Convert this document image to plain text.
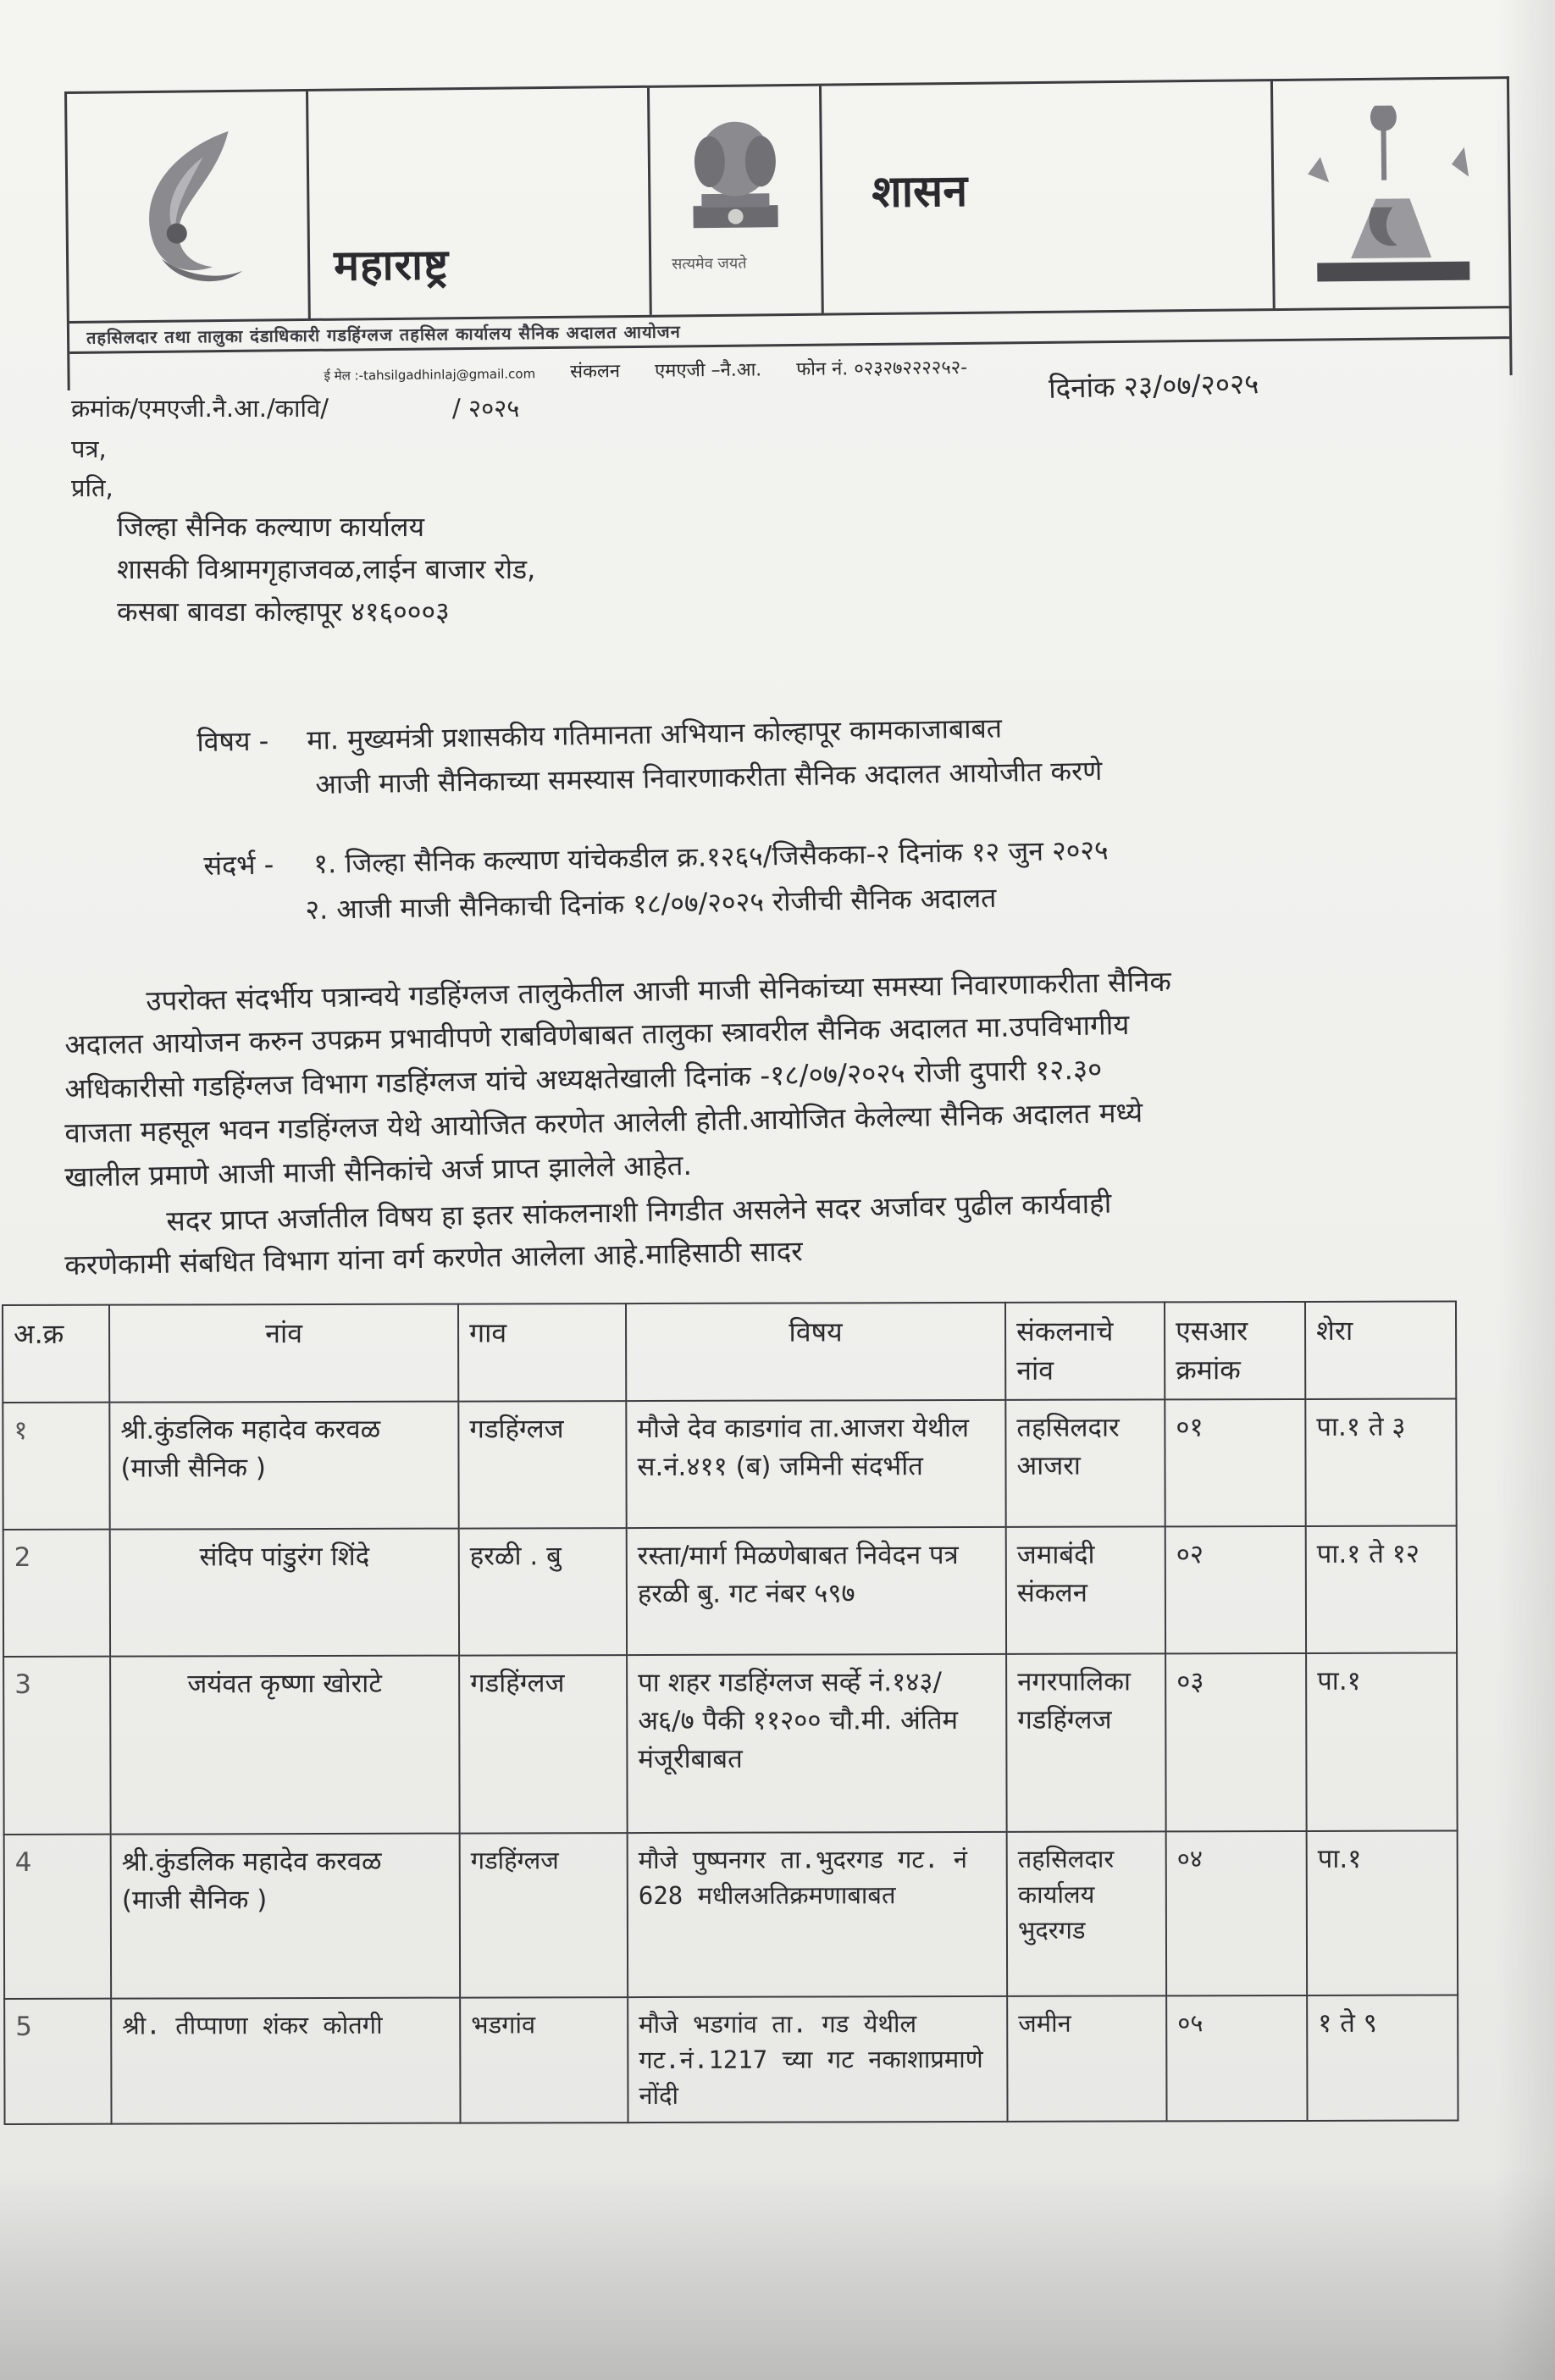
महाराष्ट्र	सत्यमेव जयते
शासन
तहसिलदार तथा तालुका दंडाधिकारी गडहिंग्लज तहसिल कार्यालय सैनिक अदालत आयोजन
ई मेल :-tahsilgadhinlaj@gmail.com संकलन एमएजी –नै.आ. फोन नं. ०२३२७२२२२५२-
क्रमांक/एमएजी.नै.आ./कावि/	/ २०२५
दिनांक २३/०७/२०२५
पत्र,
प्रति,
जिल्हा सैनिक कल्याण कार्यालय
शासकी विश्रामगृहाजवळ,लाईन बाजार रोड,
कसबा बावडा कोल्हापूर ४१६०००३
विषय - मा. मुख्यमंत्री प्रशासकीय गतिमानता अभियान कोल्हापूर कामकाजाबाबत
आजी माजी सैनिकाच्या समस्यास निवारणाकरीता सैनिक अदालत आयोजीत करणे
संदर्भ - १. जिल्हा सैनिक कल्याण यांचेकडील क्र.१२६५/जिसैकका-२ दिनांक १२ जुन २०२५
२. आजी माजी सैनिकाची दिनांक १८/०७/२०२५ रोजीची सैनिक अदालत
उपरोक्त संदर्भीय पत्रान्वये गडहिंग्लज तालुकेतील आजी माजी सेनिकांच्या समस्या निवारणाकरीता सैनिक
अदालत आयोजन करुन उपक्रम प्रभावीपणे राबविणेबाबत तालुका स्त्रावरील सैनिक अदालत मा.उपविभागीय
अधिकारीसो गडहिंग्लज विभाग गडहिंग्लज यांचे अध्यक्षतेखाली दिनांक -१८/०७/२०२५ रोजी दुपारी १२.३०
वाजता महसूल भवन गडहिंग्लज येथे आयोजित करणेत आलेली होती.आयोजित केलेल्या सैनिक अदालत मध्ये
खालील प्रमाणे आजी माजी सैनिकांचे अर्ज प्राप्त झालेले आहेत.
सदर प्राप्त अर्जातील विषय हा इतर सांकलनाशी निगडीत असलेने सदर अर्जावर पुढील कार्यवाही
करणेकामी संबधित विभाग यांना वर्ग करणेत आलेला आहे.माहिसाठी सादर
अ.क्र	नांव	गाव	विषय	संकलनाचे नांव	एसआर क्रमांक	शेरा
१	श्री.कुंडलिक महादेव करवळ (माजी सैनिक )	गडहिंग्लज	मौजे देव काडगांव ता.आजरा येथील स.नं.४११ (ब) जमिनी संदर्भीत	तहसिलदार आजरा	०१	पा.१ ते ३
2	संदिप पांडुरंग शिंदे	हरळी . बु	रस्ता/मार्ग मिळणेबाबत निवेदन पत्र हरळी बु. गट नंबर ५९७	जमाबंदी संकलन	०२	पा.१ ते १२
3	जयंवत कृष्णा खोराटे	गडहिंग्लज	पा शहर गडहिंग्लज सर्व्हे नं.१४३/अ६/७ पैकी ११२०० चौ.मी. अंतिम मंजूरीबाबत	नगरपालिका गडहिंग्लज	०३	पा.१
4	श्री.कुंडलिक महादेव करवळ (माजी सैनिक )	गडहिंग्लज	मौजे पुष्पनगर ता.भुदरगड गट. नं 628 मधीलअतिक्रमणाबाबत	तहसिलदार कार्यालय भुदरगड	०४	पा.१
5	श्री. तीप्पाणा शंकर कोतगी	भडगांव	मौजे भडगांव ता. गड येथील गट.नं.1217 च्या गट नकाशाप्रमाणे नोंदी	जमीन	०५	१ ते ९
